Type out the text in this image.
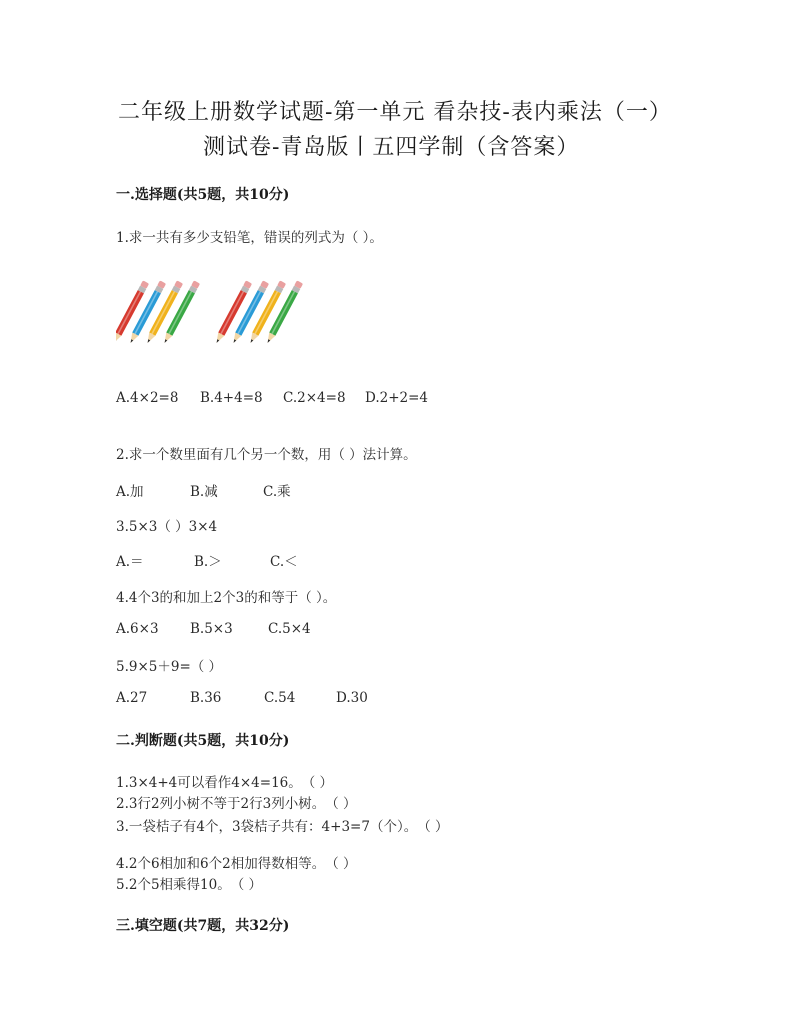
二年级上册数学试题-第一单元 看杂技-表内乘法（一）
测试卷-青岛版丨五四学制（含答案）
一.选择题(共5题，共10分)
1.求一共有多少支铅笔，错误的列式为（ ）。
A.4×2=8	B.4+4=8	C.2×4=8	D.2+2=4
2.求一个数里面有几个另一个数，用（ ）法计算。
A.加	B.减	C.乘
3.5×3（ ）3×4
A.＝	B.＞	C.＜
4.4个3的和加上2个3的和等于（ ）。
A.6×3	B.5×3	C.5×4
5.9×5＋9=（ ）
A.27	B.36	C.54	D.30
二.判断题(共5题，共10分)
1.3×4+4可以看作4×4=16。　（ ）
2.3行2列小树不等于2行3列小树。　（ ）
3.一袋桔子有4个，3袋桔子共有：4+3=7（个）。　（ ）
4.2个6相加和6个2相加得数相等。　（ ）
5.2个5相乘得10。　（ ）
三.填空题(共7题，共32分)
